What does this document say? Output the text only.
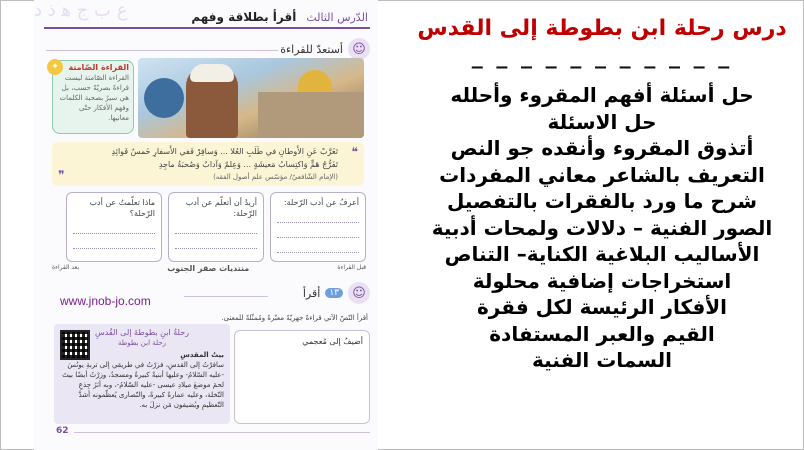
ع ب ج ﻫ ذ د	الدّرس الثالث
أقرأ بطلاقة وفهم
☺
أستعدّ للقراءة
✦	القراءة الصّامتة
القراءة الصّامتة ليست قراءةً بصريّةً حسب، بل هي سيرٌ بصحبة الكلمات وفهم الأفكار حتّى معانيها.
❝
تَغَرَّبْ عَنِ الأَوطانِ في طَلَبِ العُلا ... وَسافِرْ فَفي الأَسفارِ خَمسُ فَوائِدِ
تَفَرُّجُ هَمٍّ وَاكتِسابُ مَعيشَةٍ ... وَعِلمٌ وَآدابٌ وَصُحبَةُ ماجِدِ
(الإمام الشّافعيّ/ مؤسّس علم أصول الفقه)
❞
أعرفُ عن أدب الرّحلة:
أريدُ أن أتعلّم عن أدب الرّحلة:
ماذا تعلّمتُ عن أدب الرّحلة؟
قبل القراءة
منتديات صقر الجنوب
بعد القراءة
☺
١٣
أقرأ
www.jnob-jo.com
أقرأ النّصّ الآتي قراءةً جهريّةً معبّرةً ومُمثّلةً للمعنى.
أضيفُ إلى مُعجمي
رحلةُ ابنِ بطوطةَ إلى القُدسِ
رحلة ابن بطوطة
بيتُ المقدسِ
سافرْتُ إلى القدسِ، فزرْتُ في طريقي إلى تربةِ يونُسَ -عليه السّلامُ- وعليها أبنيةٌ كبيرةٌ ومسجدٌ، وزرْتُ أيضًا بيتَ لحمَ موضعَ ميلادِ عيسى -عليه السّلامُ-، وبه أثرُ جِذعِ النّخلة، وعليه عمارةٌ كبيرةٌ، والنّصارى يُعظّمونه أشدَّ التّعظيمِ ويُضيفون مَن نزلَ به.
62
درس رحلة ابن بطوطة إلى القدس
_ _ _ _ _ _ _ _ _ _ _
حل أسئلة أفهم المقروء وأحلله
حل الاسئلة
أتذوق المقروء وأنقده جو النص
التعريف بالشاعر معاني المفردات
شرح ما ورد بالفقرات بالتفصيل
الصور الفنية – دلالات ولمحات أدبية
الأساليب البلاغية الكناية– التناص
استخراجات إضافية محلولة
الأفكار الرئيسة لكل فقرة
القيم والعبر المستفادة
السمات الفنية
